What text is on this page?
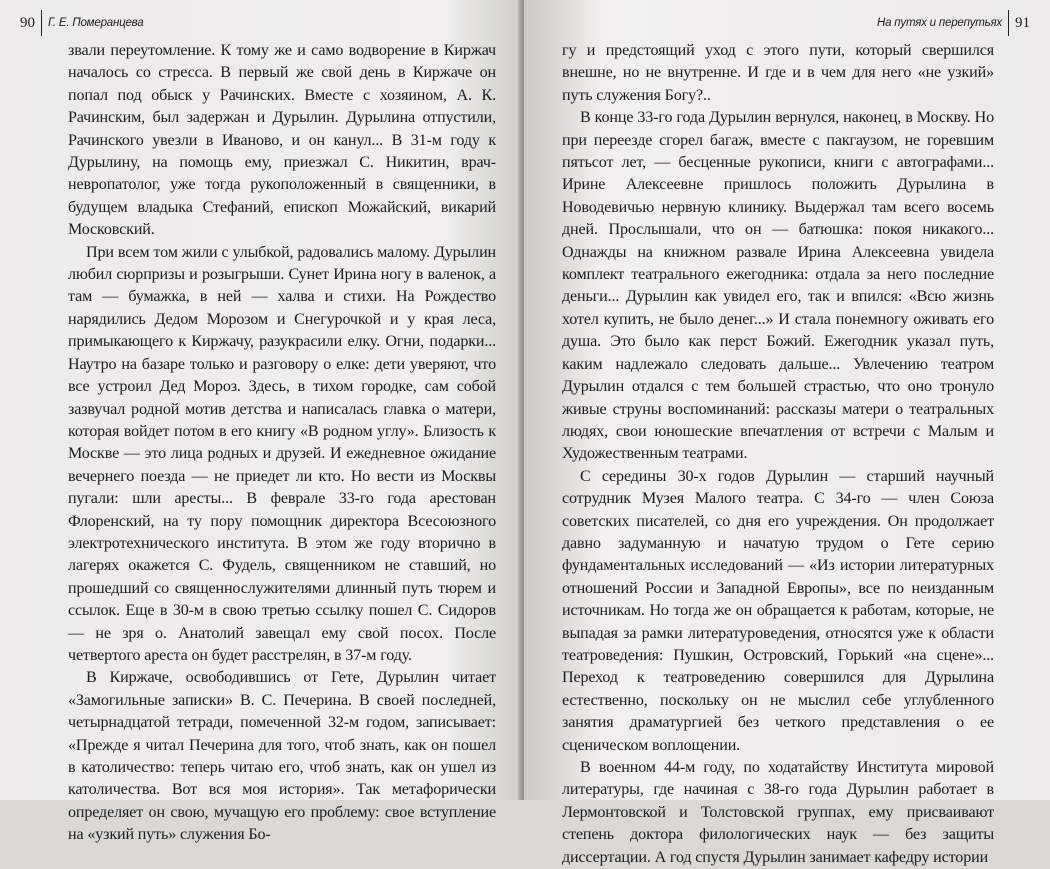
90 Г. Е. Померанцева

звали переутомление. К тому же и само водворение в Киржач началось со стресса. В первый же свой день в Киржаче он попал под обыск у Рачинских. Вместе с хозяином, А. К. Рачинским, был задержан и Дурылин. Дурылина отпустили, Рачинского увезли в Иваново, и он канул... В 31-м году к Дурылину, на помощь ему, приезжал С. Никитин, врач-невропатолог, уже тогда рукоположенный в священники, в будущем владыка Стефаний, епископ Можайский, викарий Московский.

При всем том жили с улыбкой, радовались малому. Дурылин любил сюрпризы и розыгрыши. Сунет Ирина ногу в валенок, а там — бумажка, в ней — халва и стихи. На Рождество нарядились Дедом Морозом и Снегурочкой и у края леса, примыкающего к Киржачу, разукрасили елку. Огни, подарки... Наутро на базаре только и разговору о елке: дети уверяют, что все устроил Дед Мороз. Здесь, в тихом городке, сам собой зазвучал родной мотив детства и написалась главка о матери, которая войдет потом в его книгу «В родном углу». Близость к Москве — это лица родных и друзей. И ежедневное ожидание вечернего поезда — не приедет ли кто. Но вести из Москвы пугали: шли аресты... В феврале 33-го года арестован Флоренский, на ту пору помощник директора Всесоюзного электротехнического института. В этом же году вторично в лагерях окажется С. Фудель, священником не ставший, но прошедший со священнослужителями длинный путь тюрем и ссылок. Еще в 30-м в свою третью ссылку пошел С. Сидоров — не зря о. Анатолий завещал ему свой посох. После четвертого ареста он будет расстрелян, в 37-м году.

В Киржаче, освободившись от Гете, Дурылин читает «Замогильные записки» В. С. Печерина. В своей последней, четырнадцатой тетради, помеченной 32-м годом, записывает: «Прежде я читал Печерина для того, чтоб знать, как он пошел в католичество: теперь читаю его, чтоб знать, как он ушел из католичества. Вот вся моя история». Так метафорически определяет он свою, мучащую его проблему: свое вступление на «узкий путь» служения Бо-

На путях и перепутьях 91

гу и предстоящий уход с этого пути, который свершился внешне, но не внутренне. И где и в чем для него «не узкий» путь служения Богу?..

В конце 33-го года Дурылин вернулся, наконец, в Москву. Но при переезде сгорел багаж, вместе с пакгаузом, не горевшим пятьсот лет, — бесценные рукописи, книги с автографами... Ирине Алексеевне пришлось положить Дурылина в Новодевичью нервную клинику. Выдержал там всего восемь дней. Прослышали, что он — батюшка: покоя никакого... Однажды на книжном развале Ирина Алексеевна увидела комплект театрального ежегодника: отдала за него последние деньги... Дурылин как увидел его, так и впился: «Всю жизнь хотел купить, не было денег...» И стала понемногу оживать его душа. Это было как перст Божий. Ежегодник указал путь, каким надлежало следовать дальше... Увлечению театром Дурылин отдался с тем большей страстью, что оно тронуло живые струны воспоминаний: рассказы матери о театральных людях, свои юношеские впечатления от встречи с Малым и Художественным театрами.

С середины 30-х годов Дурылин — старший научный сотрудник Музея Малого театра. С 34-го — член Союза советских писателей, со дня его учреждения. Он продолжает давно задуманную и начатую трудом о Гете серию фундаментальных исследований — «Из истории литературных отношений России и Западной Европы», все по неизданным источникам. Но тогда же он обращается к работам, которые, не выпадая за рамки литературоведения, относятся уже к области театроведения: Пушкин, Островский, Горький «на сцене»... Переход к театроведению совершился для Дурылина естественно, поскольку он не мыслил себе углубленного занятия драматургией без четкого представления о ее сценическом воплощении.

В военном 44-м году, по ходатайству Института мировой литературы, где начиная с 38-го года Дурылин работает в Лермонтовской и Толстовской группах, ему присваивают степень доктора филологических наук — без защиты диссертации. А год спустя Дурылин занимает кафедру истории
